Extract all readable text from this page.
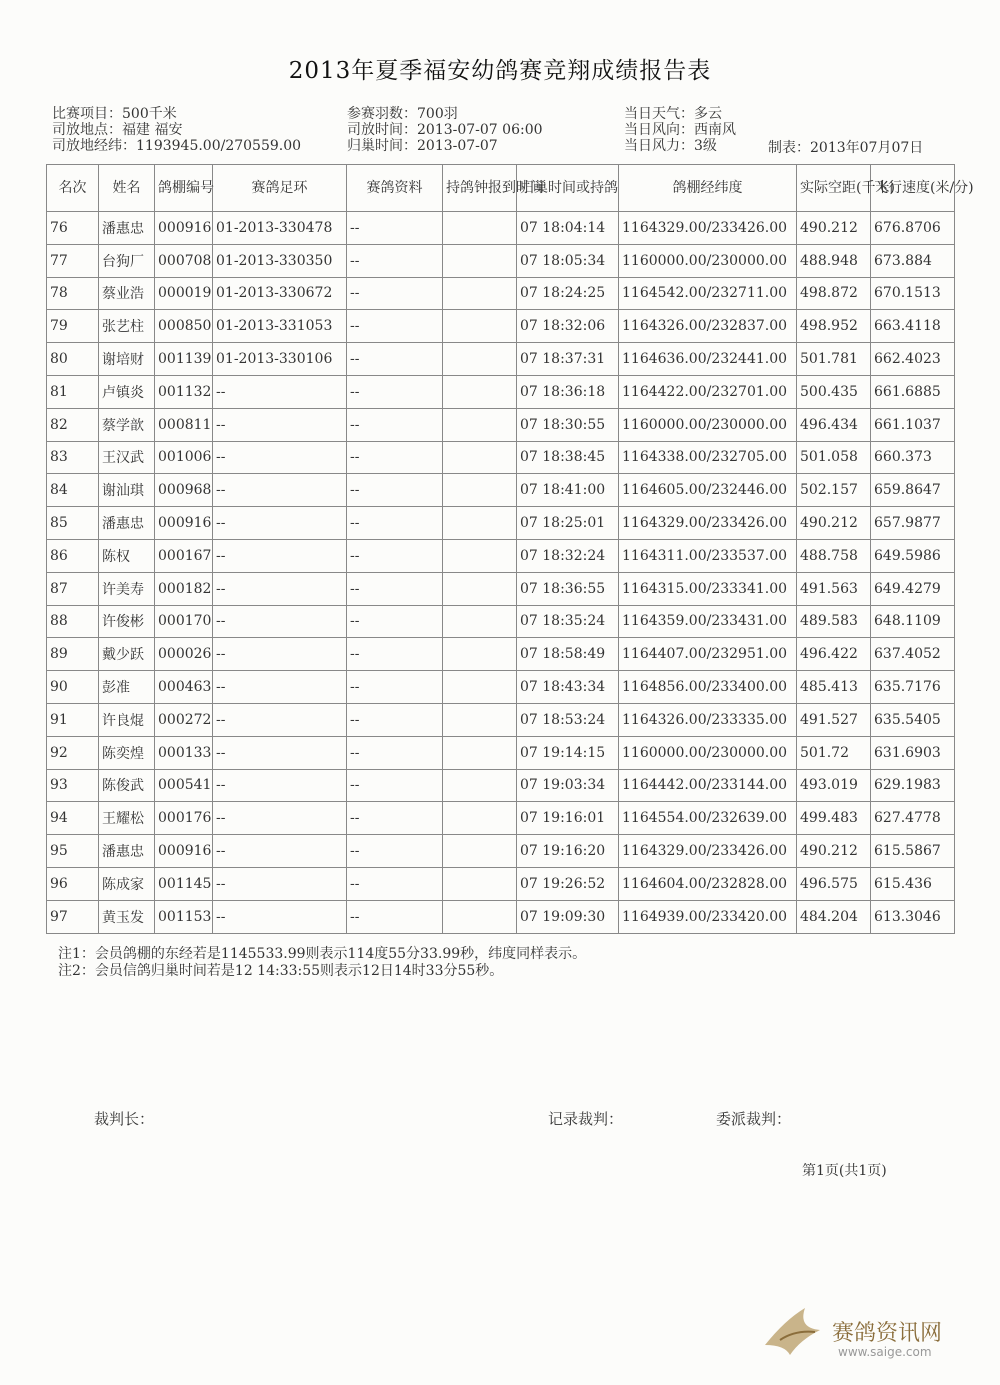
2013年夏季福安幼鸽赛竞翔成绩报告表
比赛项目：500千米
司放地点：福建 福安
司放地经纬：1193945.00/270559.00
参赛羽数：700羽
司放时间：2013-07-07 06:00
归巢时间：2013-07-07
当日天气：多云
当日风向：西南风
当日风力：3级	制表：2013年07月07日
名次	姓名	鸽棚编号	赛鸽足环	赛鸽资料	持鸽钟报到时间	归巢时间或持鸽	鸽棚经纬度	实际空距(千米)	飞行速度(米/分)
76	潘惠忠	000916	01-2013-330478	--		07 18:04:14	1164329.00/233426.00	490.212	676.8706
77	台狗厂	000708	01-2013-330350	--		07 18:05:34	1160000.00/230000.00	488.948	673.884
78	蔡业浩	000019	01-2013-330672	--		07 18:24:25	1164542.00/232711.00	498.872	670.1513
79	张艺柱	000850	01-2013-331053	--		07 18:32:06	1164326.00/232837.00	498.952	663.4118
80	谢培财	001139	01-2013-330106	--		07 18:37:31	1164636.00/232441.00	501.781	662.4023
81	卢镇炎	001132	--	--		07 18:36:18	1164422.00/232701.00	500.435	661.6885
82	蔡学歆	000811	--	--		07 18:30:55	1160000.00/230000.00	496.434	661.1037
83	王汉武	001006	--	--		07 18:38:45	1164338.00/232705.00	501.058	660.373
84	谢汕琪	000968	--	--		07 18:41:00	1164605.00/232446.00	502.157	659.8647
85	潘惠忠	000916	--	--		07 18:25:01	1164329.00/233426.00	490.212	657.9877
86	陈权	000167	--	--		07 18:32:24	1164311.00/233537.00	488.758	649.5986
87	许美寿	000182	--	--		07 18:36:55	1164315.00/233341.00	491.563	649.4279
88	许俊彬	000170	--	--		07 18:35:24	1164359.00/233431.00	489.583	648.1109
89	戴少跃	000026	--	--		07 18:58:49	1164407.00/232951.00	496.422	637.4052
90	彭准	000463	--	--		07 18:43:34	1164856.00/233400.00	485.413	635.7176
91	许良焜	000272	--	--		07 18:53:24	1164326.00/233335.00	491.527	635.5405
92	陈奕煌	000133	--	--		07 19:14:15	1160000.00/230000.00	501.72	631.6903
93	陈俊武	000541	--	--		07 19:03:34	1164442.00/233144.00	493.019	629.1983
94	王耀松	000176	--	--		07 19:16:01	1164554.00/232639.00	499.483	627.4778
95	潘惠忠	000916	--	--		07 19:16:20	1164329.00/233426.00	490.212	615.5867
96	陈成家	001145	--	--		07 19:26:52	1164604.00/232828.00	496.575	615.436
97	黄玉发	001153	--	--		07 19:09:30	1164939.00/233420.00	484.204	613.3046
注1：会员鸽棚的东经若是1145533.99则表示114度55分33.99秒，纬度同样表示。
注2：会员信鸽归巢时间若是12 14:33:55则表示12日14时33分55秒。
裁判长：	记录裁判：	委派裁判：
第1页(共1页)
赛鸽资讯网
www.saige.com
